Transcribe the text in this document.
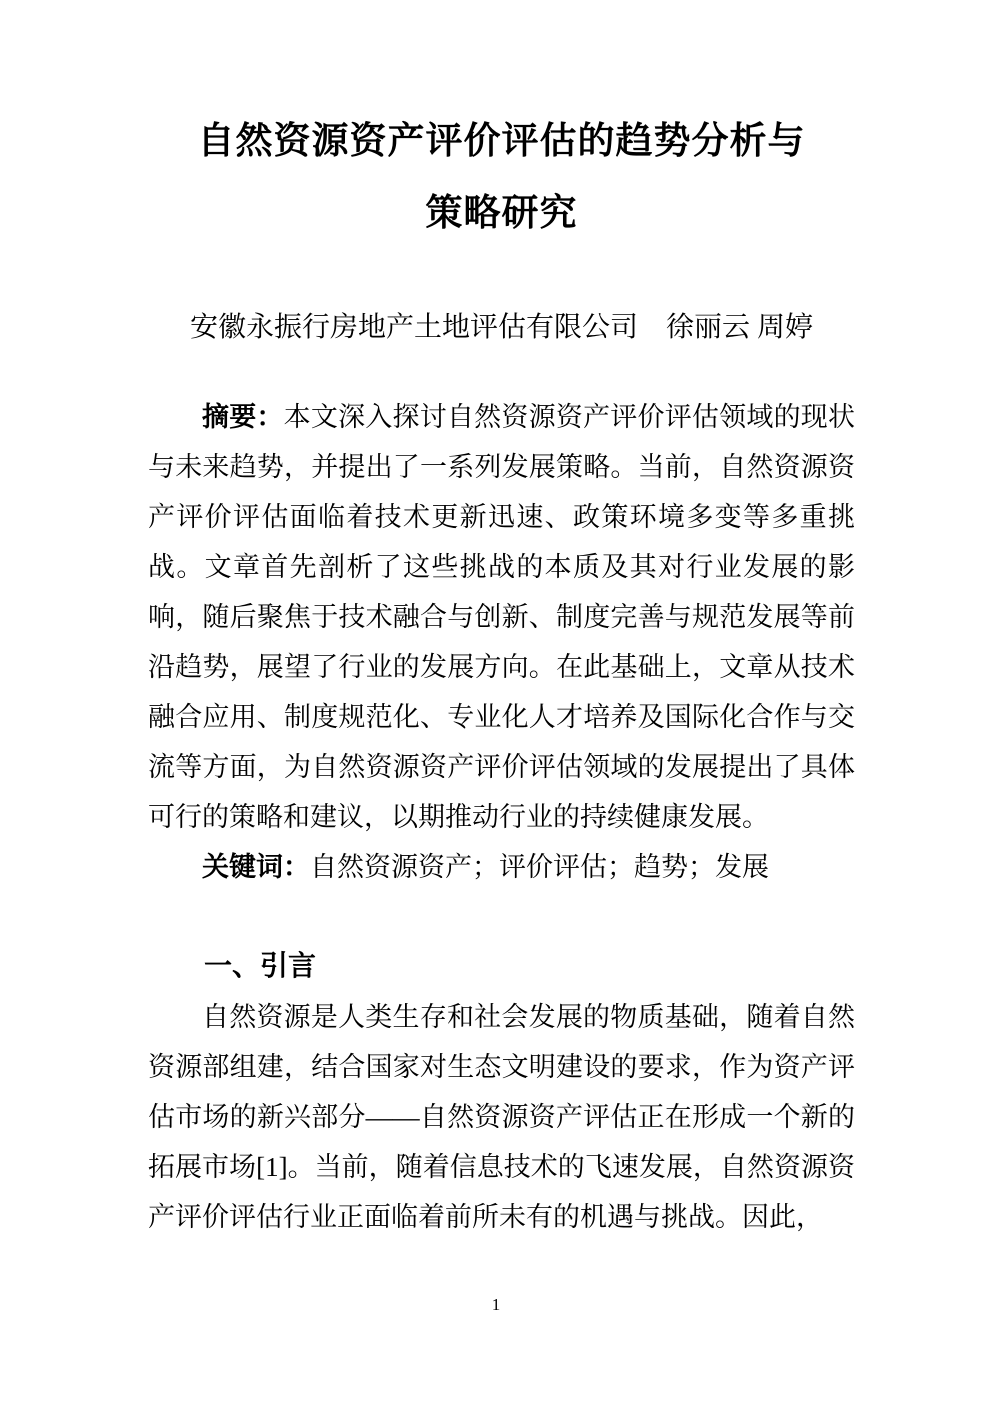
自然资源资产评价评估的趋势分析与
策略研究
安徽永振行房地产土地评估有限公司　徐丽云 周婷

摘要：本文深入探讨自然资源资产评价评估领域的现状与未来趋势，并提出了一系列发展策略。当前，自然资源资产评价评估面临着技术更新迅速、政策环境多变等多重挑战。文章首先剖析了这些挑战的本质及其对行业发展的影响，随后聚焦于技术融合与创新、制度完善与规范发展等前沿趋势，展望了行业的发展方向。在此基础上，文章从技术融合应用、制度规范化、专业化人才培养及国际化合作与交流等方面，为自然资源资产评价评估领域的发展提出了具体可行的策略和建议，以期推动行业的持续健康发展。

关键词：自然资源资产；评价评估；趋势；发展

一、引言

自然资源是人类生存和社会发展的物质基础，随着自然资源部组建，结合国家对生态文明建设的要求，作为资产评估市场的新兴部分——自然资源资产评估正在形成一个新的拓展市场[1]。当前，随着信息技术的飞速发展，自然资源资产评价评估行业正面临着前所未有的机遇与挑战。因此，

1
